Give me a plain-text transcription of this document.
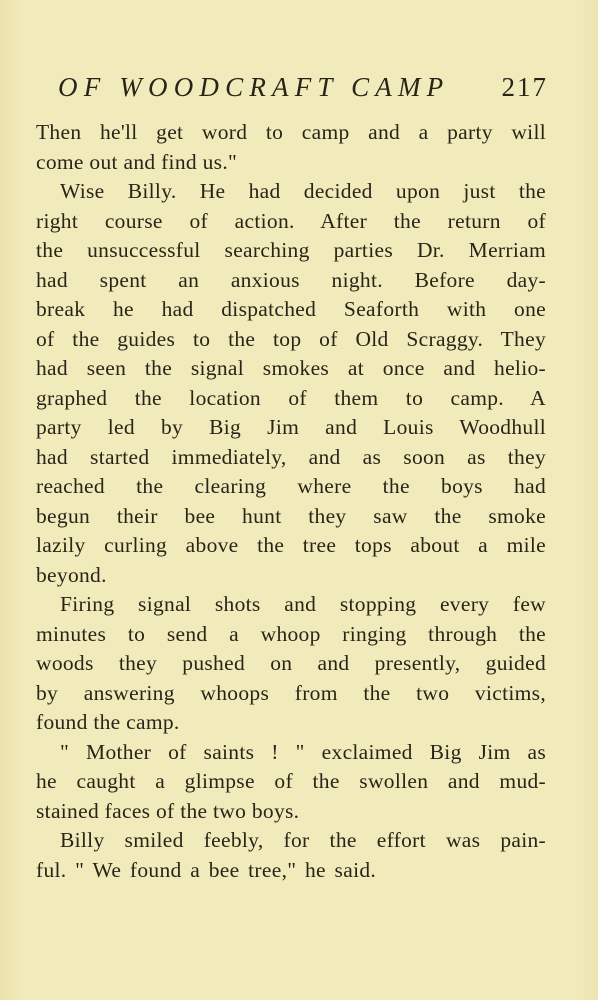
OF WOODCRAFT CAMP 217
Then he'll get word to camp and a party will
come out and find us."
Wise Billy. He had decided upon just the
right course of action. After the return of
the unsuccessful searching parties Dr. Merriam
had spent an anxious night. Before day-
break he had dispatched Seaforth with one
of the guides to the top of Old Scraggy. They
had seen the signal smokes at once and helio-
graphed the location of them to camp. A
party led by Big Jim and Louis Woodhull
had started immediately, and as soon as they
reached the clearing where the boys had
begun their bee hunt they saw the smoke
lazily curling above the tree tops about a mile
beyond.
Firing signal shots and stopping every few
minutes to send a whoop ringing through the
woods they pushed on and presently, guided
by answering whoops from the two victims,
found the camp.
" Mother of saints ! " exclaimed Big Jim as
he caught a glimpse of the swollen and mud-
stained faces of the two boys.
Billy smiled feebly, for the effort was pain-
ful. " We found a bee tree," he said.
